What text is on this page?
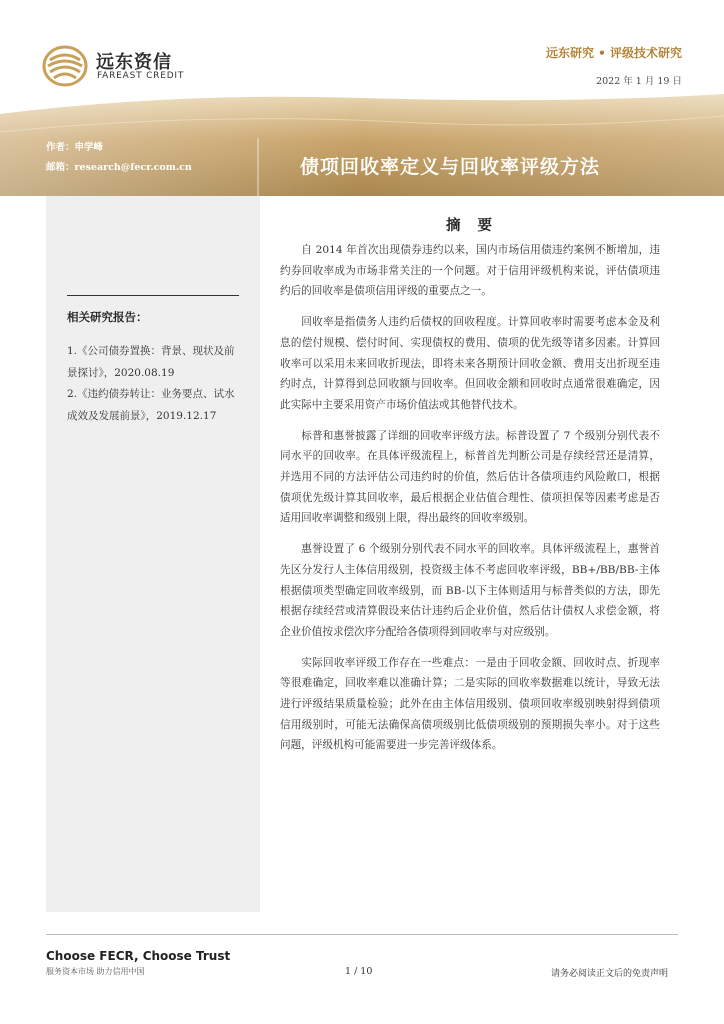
远东资信
FAREAST CREDIT
远东研究 • 评级技术研究
2022 年 1 月 19 日
作者：申学峰
邮箱：research@fecr.com.cn	债项回收率定义与回收率评级方法
相关研究报告：

1.《公司债券置换：背景、现状及前景探讨》，2020.08.19

2.《违约债券转让：业务要点、试水成效及发展前景》，2019.12.17

摘 要

自 2014 年首次出现债券违约以来，国内市场信用债违约案例不断增加，违约券回收率成为市场非常关注的一个问题。对于信用评级机构来说，评估债项违约后的回收率是债项信用评级的重要点之一。

回收率是指债务人违约后债权的回收程度。计算回收率时需要考虑本金及利息的偿付规模、偿付时间、实现债权的费用、债项的优先级等诸多因素。计算回收率可以采用未来回收折现法，即将未来各期预计回收金额、费用支出折现至违约时点，计算得到总回收额与回收率。但回收金额和回收时点通常很难确定，因此实际中主要采用资产市场价值法或其他替代技术。

标普和惠誉披露了详细的回收率评级方法。标普设置了 7 个级别分别代表不同水平的回收率。在具体评级流程上，标普首先判断公司是存续经营还是清算，并选用不同的方法评估公司违约时的价值，然后估计各债项违约风险敞口，根据债项优先级计算其回收率，最后根据企业估值合理性、债项担保等因素考虑是否适用回收率调整和级别上限，得出最终的回收率级别。

惠誉设置了 6 个级别分别代表不同水平的回收率。具体评级流程上，惠誉首先区分发行人主体信用级别，投资级主体不考虑回收率评级，BB+/BB/BB-主体根据债项类型确定回收率级别，而 BB-以下主体则适用与标普类似的方法，即先根据存续经营或清算假设来估计违约后企业价值，然后估计债权人求偿金额，将企业价值按求偿次序分配给各债项得到回收率与对应级别。

实际回收率评级工作存在一些难点：一是由于回收金额、回收时点、折现率等很难确定，回收率难以准确计算；二是实际的回收率数据难以统计，导致无法进行评级结果质量检验；此外在由主体信用级别、债项回收率级别映射得到债项信用级别时，可能无法确保高债项级别比低债项级别的预期损失率小。对于这些问题，评级机构可能需要进一步完善评级体系。

Choose FECR, Choose Trust
服务资本市场 助力信用中国	1 / 10	请务必阅读正文后的免责声明
